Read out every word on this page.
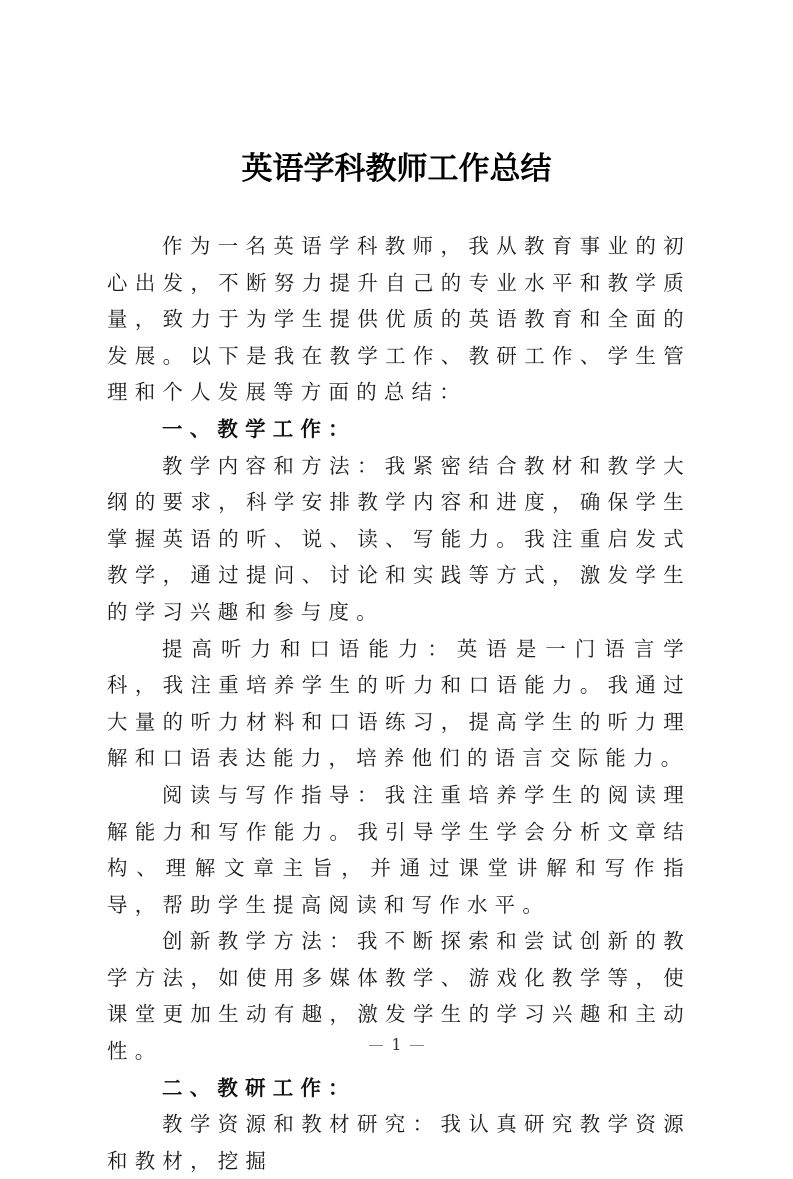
英语学科教师工作总结

作为一名英语学科教师，我从教育事业的初心出发，不断努力提升自己的专业水平和教学质量，致力于为学生提供优质的英语教育和全面的发展。以下是我在教学工作、教研工作、学生管理和个人发展等方面的总结：

一、教学工作：

教学内容和方法：我紧密结合教材和教学大纲的要求，科学安排教学内容和进度，确保学生掌握英语的听、说、读、写能力。我注重启发式教学，通过提问、讨论和实践等方式，激发学生的学习兴趣和参与度。

提高听力和口语能力：英语是一门语言学科，我注重培养学生的听力和口语能力。我通过大量的听力材料和口语练习，提高学生的听力理解和口语表达能力，培养他们的语言交际能力。

阅读与写作指导：我注重培养学生的阅读理解能力和写作能力。我引导学生学会分析文章结构、理解文章主旨，并通过课堂讲解和写作指导，帮助学生提高阅读和写作水平。

创新教学方法：我不断探索和尝试创新的教学方法，如使用多媒体教学、游戏化教学等，使课堂更加生动有趣，激发学生的学习兴趣和主动性。

二、教研工作：

教学资源和教材研究：我认真研究教学资源和教材，挖掘

1
